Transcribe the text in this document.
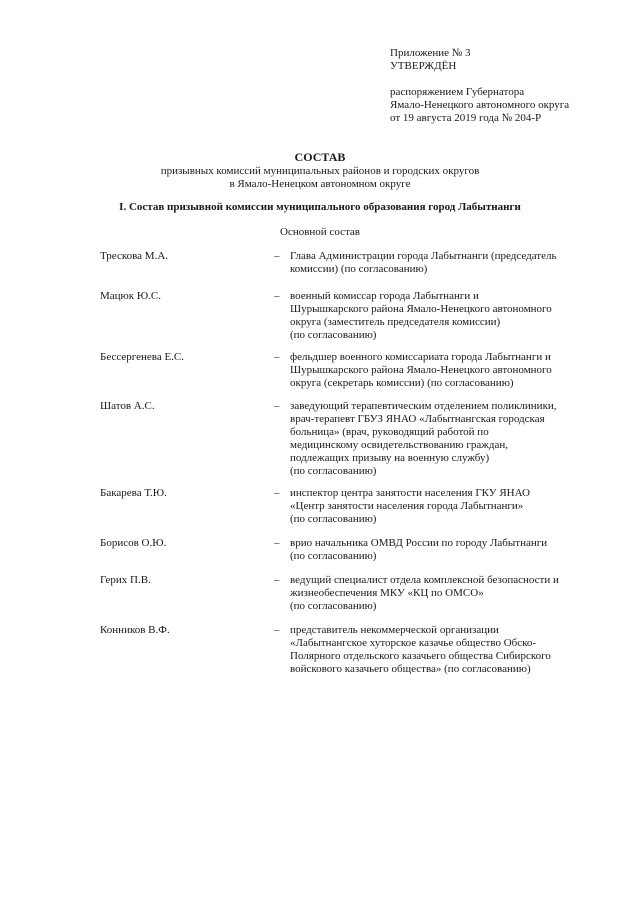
Приложение № 3
УТВЕРЖДЁН
распоряжением Губернатора
Ямало-Ненецкого автономного округа
от 19 августа 2019 года № 204-Р
СОСТАВ
призывных комиссий муниципальных районов и городских округов
в Ямало-Ненецком автономном округе
I. Состав призывной комиссии муниципального образования город Лабытнанги
Основной состав
Трескова М.А.	– Глава Администрации города Лабытнанги (председатель
комиссии) (по согласованию)
Мацюк Ю.С.	– военный комиссар города Лабытнанги и
Шурышкарского района Ямало-Ненецкого автономного
округа (заместитель председателя комиссии)
(по согласованию)
Бессергенева Е.С.	– фельдшер военного комиссариата города Лабытнанги и
Шурышкарского района Ямало-Ненецкого автономного
округа (секретарь комиссии) (по согласованию)
Шатов А.С.	– заведующий терапевтическим отделением поликлиники,
врач-терапевт ГБУЗ ЯНАО «Лабытнангская городская
больница» (врач, руководящий работой по
медицинскому освидетельствованию граждан,
подлежащих призыву на военную службу)
(по согласованию)
Бакарева Т.Ю.	– инспектор центра занятости населения ГКУ ЯНАО
«Центр занятости населения города Лабытнанги»
(по согласованию)
Борисов О.Ю.	– врио начальника ОМВД России по городу Лабытнанги
(по согласованию)
Герих П.В.	– ведущий специалист отдела комплексной безопасности и
жизнеобеспечения МКУ «КЦ по ОМСО»
(по согласованию)
Конников В.Ф.	– представитель некоммерческой организации
«Лабытнангское хуторское казачье общество Обско-
Полярного отдельского казачьего общества Сибирского
войскового казачьего общества» (по согласованию)
